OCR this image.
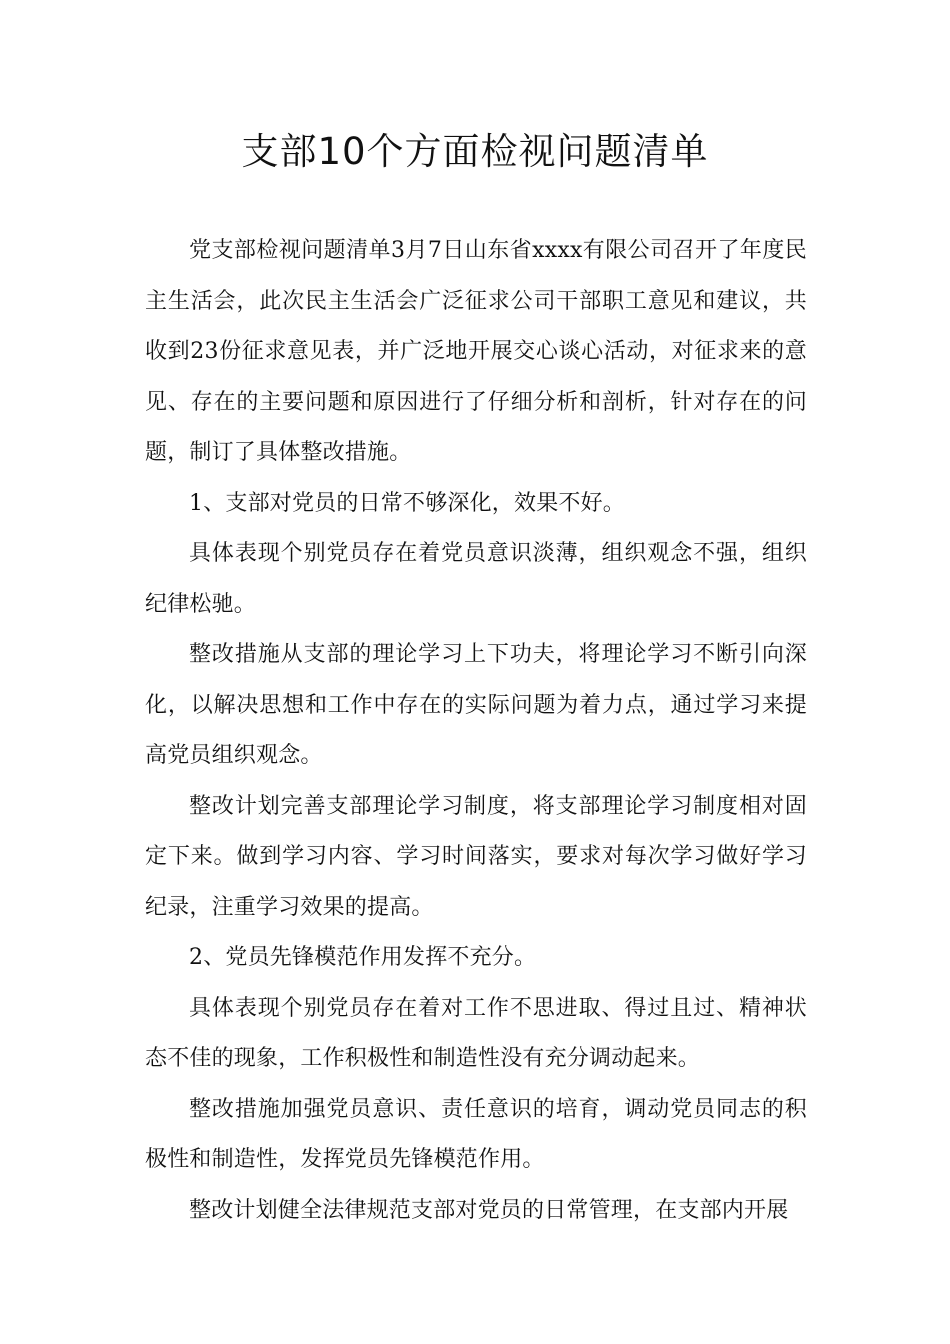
支部10个方面检视问题清单

党支部检视问题清单3月7日山东省xxxx有限公司召开了年度民主生活会，此次民主生活会广泛征求公司干部职工意见和建议，共收到23份征求意见表，并广泛地开展交心谈心活动，对征求来的意见、存在的主要问题和原因进行了仔细分析和剖析，针对存在的问题，制订了具体整改措施。

1、支部对党员的日常不够深化，效果不好。

具体表现个别党员存在着党员意识淡薄，组织观念不强，组织纪律松驰。

整改措施从支部的理论学习上下功夫，将理论学习不断引向深化，以解决思想和工作中存在的实际问题为着力点，通过学习来提高党员组织观念。

整改计划完善支部理论学习制度，将支部理论学习制度相对固定下来。做到学习内容、学习时间落实，要求对每次学习做好学习纪录，注重学习效果的提高。

2、党员先锋模范作用发挥不充分。

具体表现个别党员存在着对工作不思进取、得过且过、精神状态不佳的现象，工作积极性和制造性没有充分调动起来。

整改措施加强党员意识、责任意识的培育，调动党员同志的积极性和制造性，发挥党员先锋模范作用。

整改计划健全法律规范支部对党员的日常管理，在支部内开展
